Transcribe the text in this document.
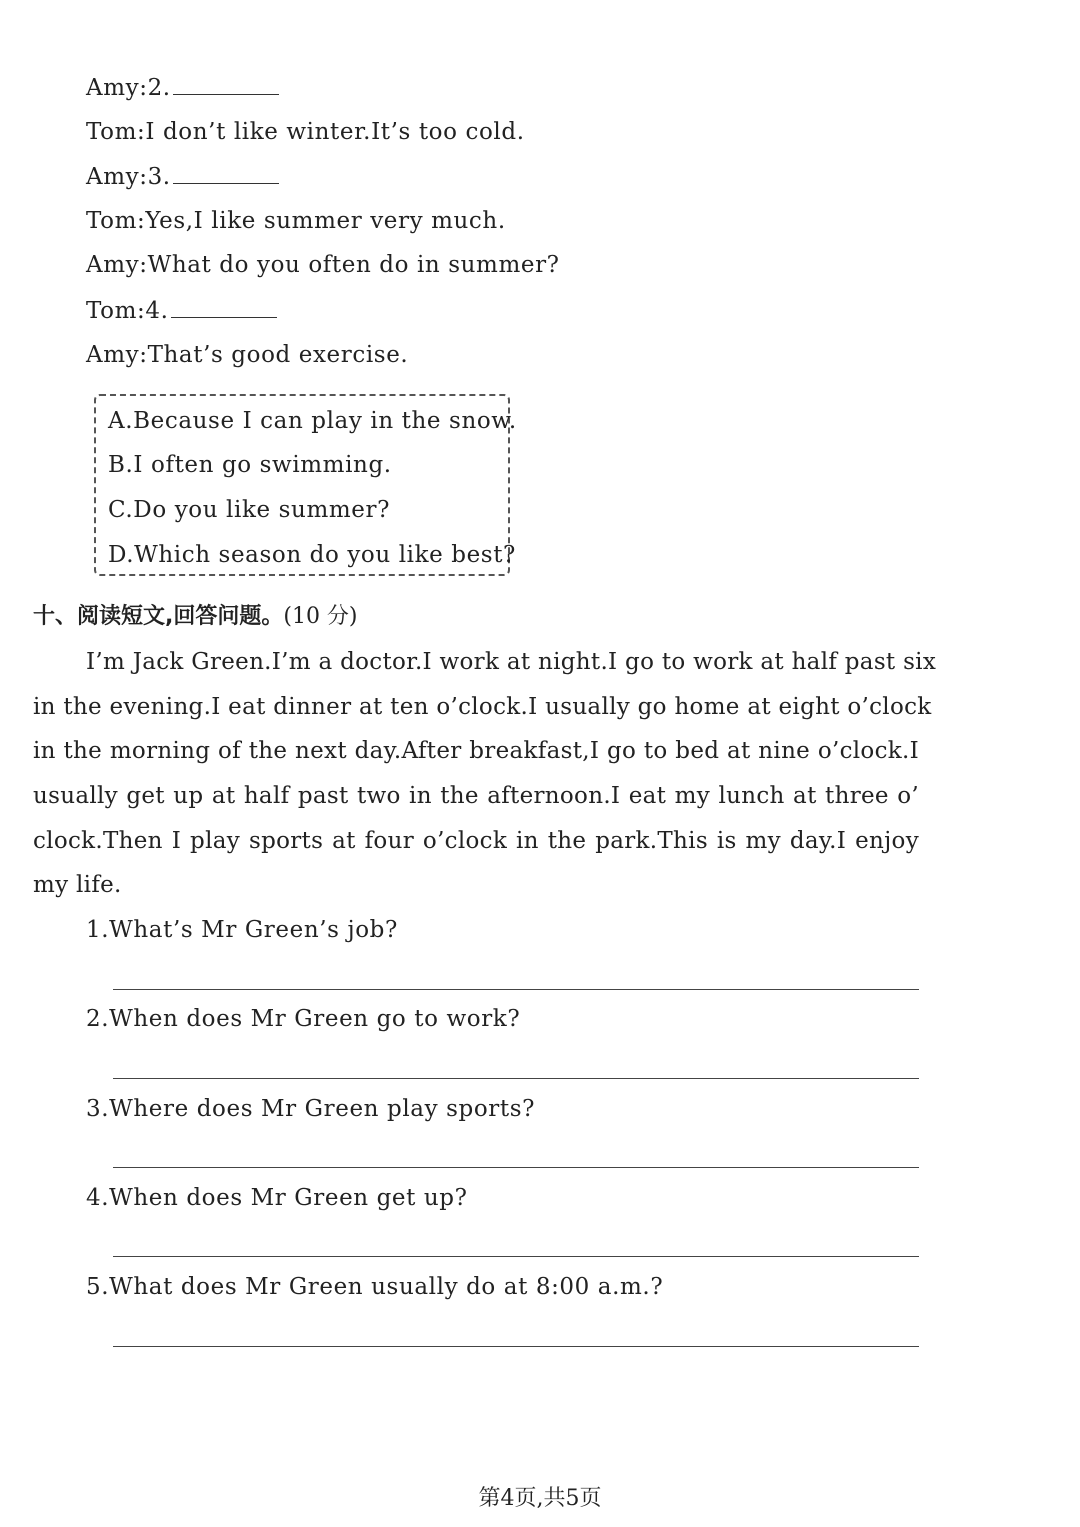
Amy:2.
Tom:I don’t like winter.It’s too cold.
Amy:3.
Tom:Yes,I like summer very much.
Amy:What do you often do in summer?
Tom:4.
Amy:That’s good exercise.
A.Because I can play in the snow.
B.I often go swimming.
C.Do you like summer?
D.Which season do you like best?
十、阅读短文,回答问题。(10 分)
I’m Jack Green.I’m a doctor.I work at night.I go to work at half past six
in the evening.I eat dinner at ten o’clock.I usually go home at eight o’clock
in the morning of the next day.After breakfast,I go to bed at nine o’clock.I
usually get up at half past two in the afternoon.I eat my lunch at three o’
clock.Then I play sports at four o’clock in the park.This is my day.I enjoy
my life.
1.What’s Mr Green’s job?
2.When does Mr Green go to work?
3.Where does Mr Green play sports?
4.When does Mr Green get up?
5.What does Mr Green usually do at 8:00 a.m.?
第4页,共5页
